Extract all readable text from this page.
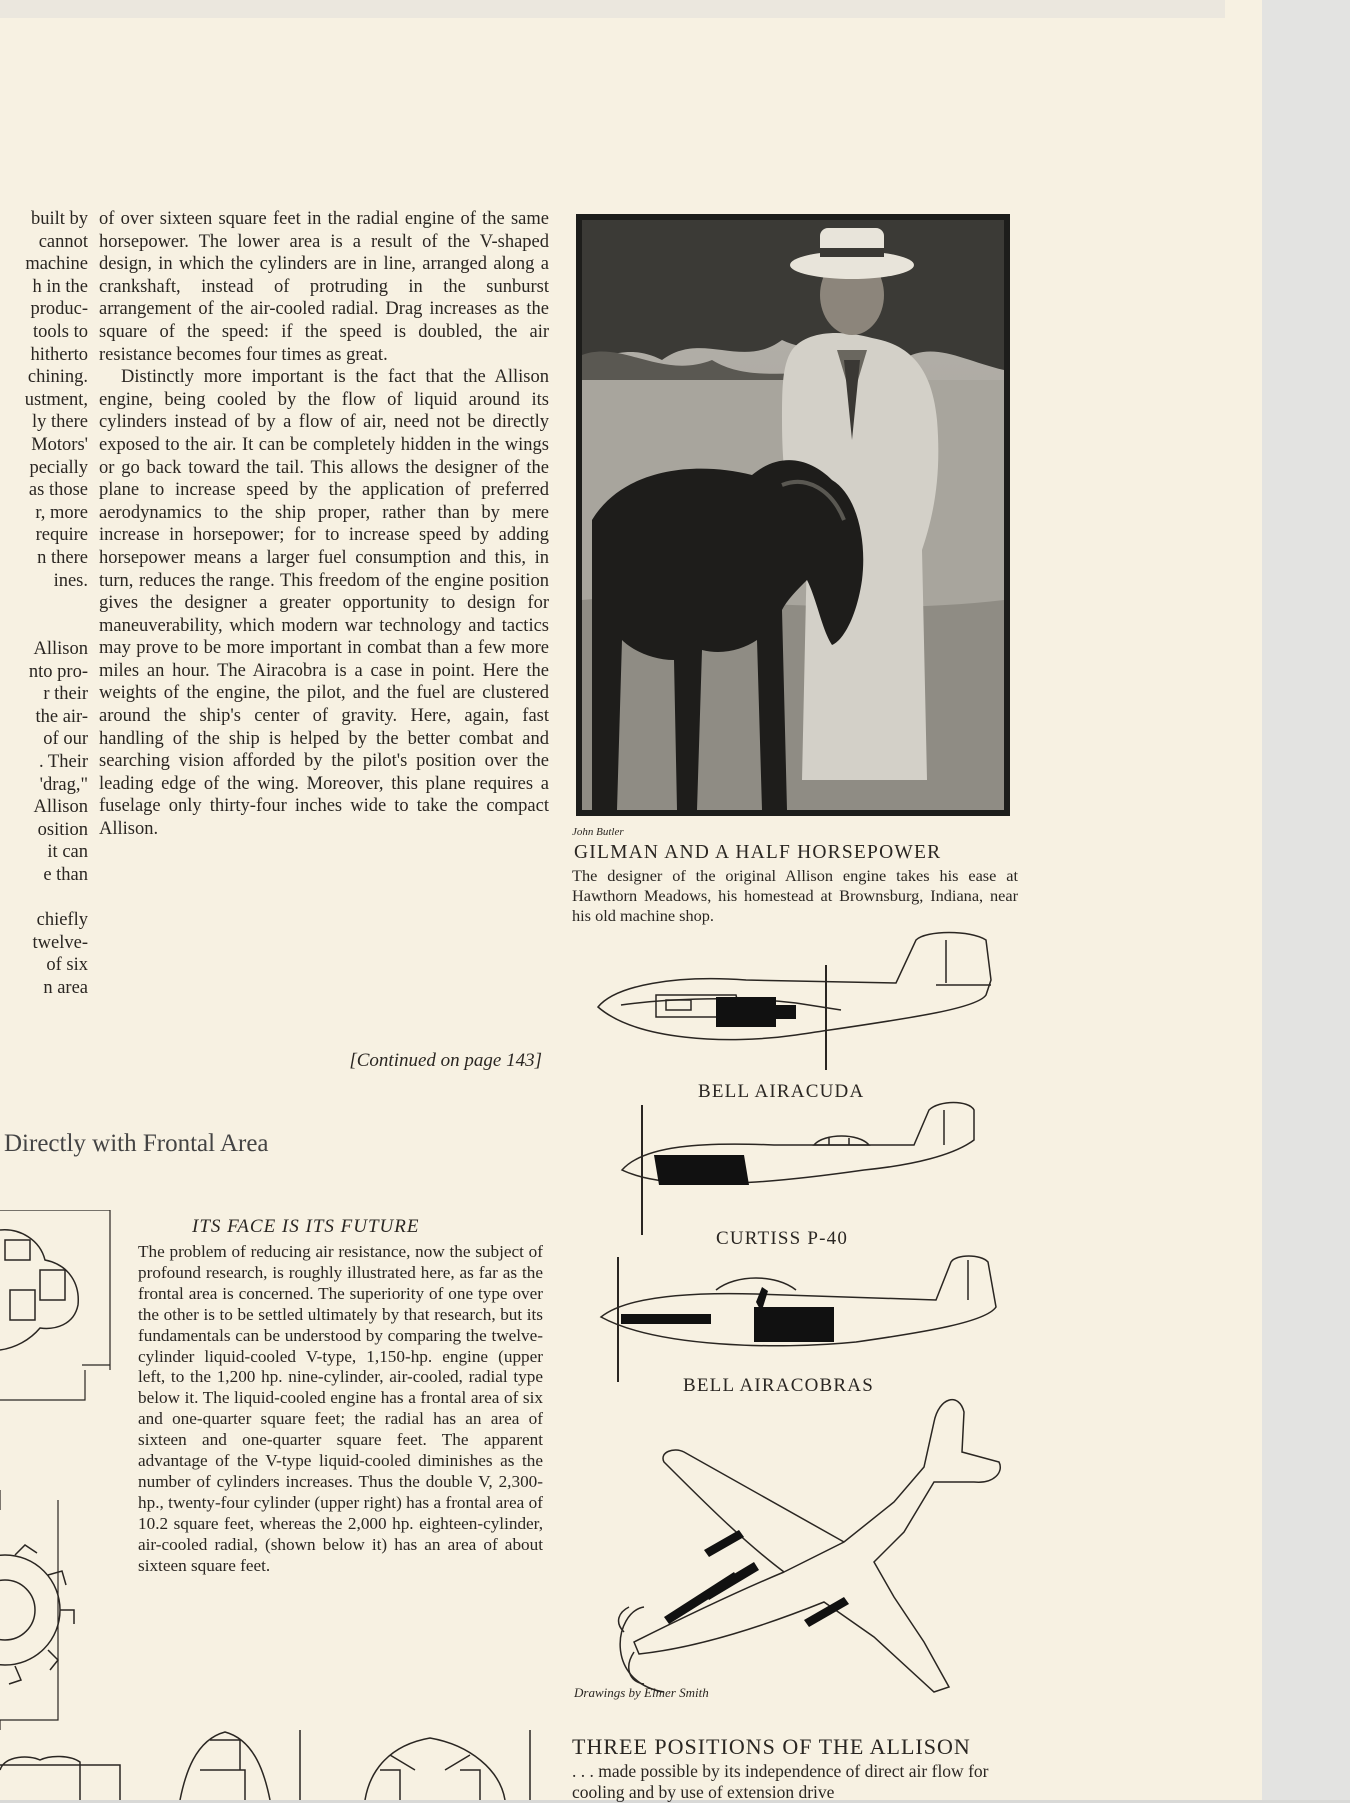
built by
cannot
machine
h in the
produc-
tools to
hitherto
chining.
ustment,
ly there
Motors'
pecially
as those
r, more
require
n there
ines.
Allison
nto pro-
r their
the air-
of our
. Their
'drag,"
Allison
osition
it can
e than

chiefly
twelve-
of six
n area

of over sixteen square feet in the radial engine of the same horsepower. The lower area is a result of the V-shaped design, in which the cylinders are in line, arranged along a crankshaft, instead of protruding in the sunburst arrangement of the air-cooled radial. Drag increases as the square of the speed: if the speed is doubled, the air resistance becomes four times as great.

Distinctly more important is the fact that the Allison engine, being cooled by the flow of liquid around its cylinders instead of by a flow of air, need not be directly exposed to the air. It can be completely hidden in the wings or go back toward the tail. This allows the designer of the plane to increase speed by the application of preferred aerodynamics to the ship proper, rather than by mere increase in horsepower; for to increase speed by adding horsepower means a larger fuel consumption and this, in turn, reduces the range. This freedom of the engine position gives the designer a greater opportunity to design for maneuverability, which modern war technology and tactics may prove to be more important in combat than a few more miles an hour. The Airacobra is a case in point. Here the weights of the engine, the pilot, and the fuel are clustered around the ship's center of gravity. Here, again, fast handling of the ship is helped by the better combat and searching vision afforded by the pilot's position over the leading edge of the wing. Moreover, this plane requires a fuselage only thirty-four inches wide to take the compact Allison.

[Continued on page 143]
Directly with Frontal Area
ITS FACE IS ITS FUTURE
The problem of reducing air resistance, now the subject of profound research, is roughly illustrated here, as far as the frontal area is concerned. The superiority of one type over the other is to be settled ultimately by that research, but its fundamentals can be understood by comparing the twelve-cylinder liquid-cooled V-type, 1,150-hp. engine (upper left, to the 1,200 hp. nine-cylinder, air-cooled, radial type below it. The liquid-cooled engine has a frontal area of six and one-quarter square feet; the radial has an area of sixteen and one-quarter square feet. The apparent advantage of the V-type liquid-cooled diminishes as the number of cylinders increases. Thus the double V, 2,300-hp., twenty-four cylinder (upper right) has a frontal area of 10.2 square feet, whereas the 2,000 hp. eighteen-cylinder, air-cooled radial, (shown below it) has an area of about sixteen square feet.
John Butler
GILMAN AND A HALF HORSEPOWER
The designer of the original Allison engine takes his ease at Hawthorn Meadows, his homestead at Brownsburg, Indiana, near his old machine shop.
BELL AIRACUDA
CURTISS P-40
BELL AIRACOBRAS
Drawings by Elmer Smith
THREE POSITIONS OF THE ALLISON
. . . made possible by its independence of direct air flow for cooling and by use of extension drive
